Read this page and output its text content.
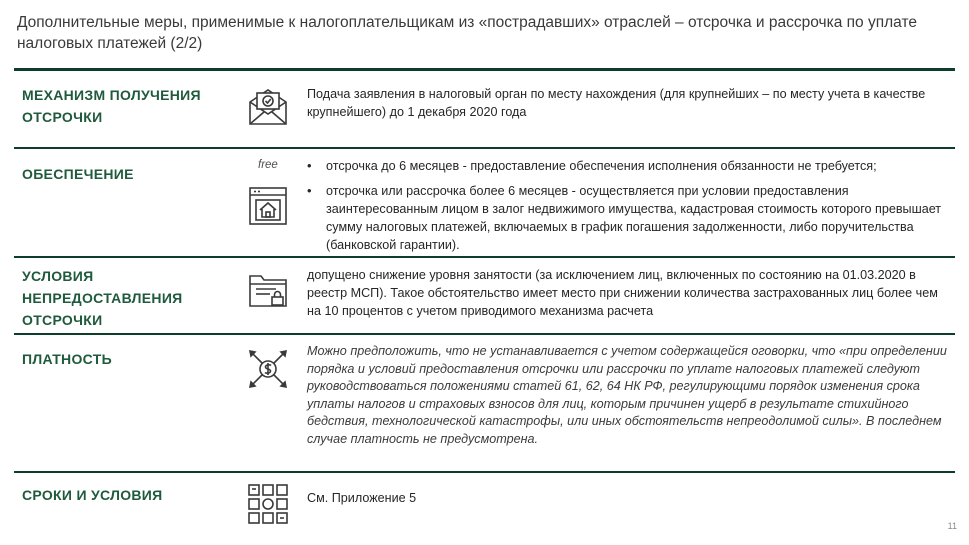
Дополнительные меры, применимые к налогоплательщикам из «пострадавших» отраслей – отсрочка и рассрочка по уплате налоговых платежей (2/2)
МЕХАНИЗМ ПОЛУЧЕНИЯ ОТСРОЧКИ
Подача заявления в налоговый орган по месту нахождения (для крупнейших – по месту учета в качестве крупнейшего) до 1 декабря 2020 года
ОБЕСПЕЧЕНИЕ
free
•	отсрочка до 6 месяцев - предоставление обеспечения исполнения обязанности не требуется;
• отсрочка или рассрочка более 6 месяцев - осуществляется при условии предоставления заинтересованным лицом в залог недвижимого имущества, кадастровая стоимость которого превышает сумму налоговых платежей, включаемых в график погашения задолженности, либо поручительства (банковской гарантии).
УСЛОВИЯ НЕПРЕДОСТАВЛЕНИЯ ОТСРОЧКИ
допущено снижение уровня занятости (за исключением лиц, включенных по состоянию на 01.03.2020 в реестр МСП). Такое обстоятельство имеет место при снижении количества застрахованных лиц более чем на 10 процентов с учетом приводимого механизма расчета
ПЛАТНОСТЬ	Можно предположить, что не устанавливается с учетом содержащейся оговорки, что «при определении порядка и условий предоставления отсрочки или рассрочки по уплате налоговых платежей следуют руководствоваться положениями статей 61, 62, 64 НК РФ, регулирующими порядок изменения срока уплаты налогов и страховых взносов для лиц, которым причинен ущерб в результате стихийного бедствия, технологической катастрофы, или иных обстоятельств непреодолимой силы». В последнем случае платность не предусмотрена.
СРОКИ И УСЛОВИЯ	См. Приложение 5
11
